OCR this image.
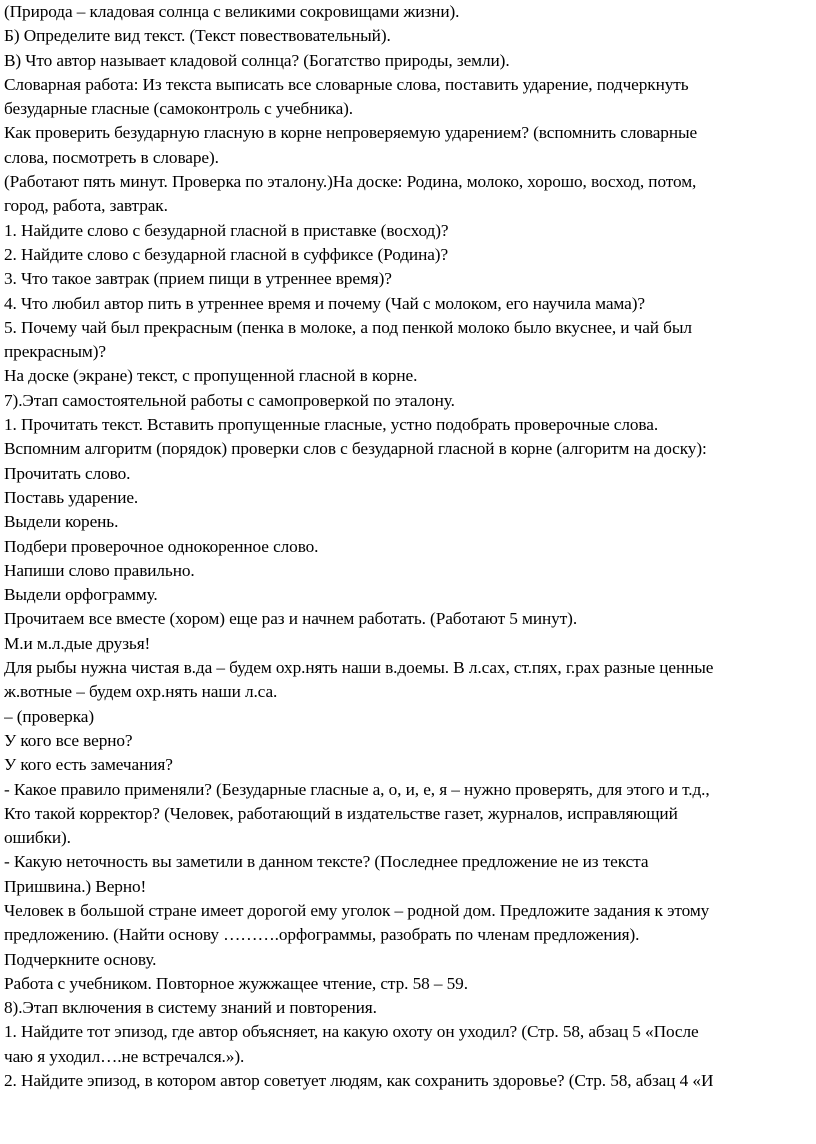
(Природа – кладовая солнца с великими сокровищами жизни).
Б) Определите вид текст. (Текст повествовательный).
В) Что автор называет кладовой солнца? (Богатство природы, земли).
Словарная работа: Из текста выписать все словарные слова, поставить ударение, подчеркнуть
безударные гласные (самоконтроль с учебника).
Как проверить безударную гласную в корне непроверяемую ударением? (вспомнить словарные
слова, посмотреть в словаре).
(Работают пять минут. Проверка по эталону.)На доске: Родина, молоко, хорошо, восход, потом,
город, работа, завтрак.
1. Найдите слово с безударной гласной в приставке (восход)?
2. Найдите слово с безударной гласной в суффиксе (Родина)?
3. Что такое завтрак (прием пищи в утреннее время)?
4. Что любил автор пить в утреннее время и почему (Чай с молоком, его научила мама)?
5. Почему чай был прекрасным (пенка в молоке, а под пенкой молоко было вкуснее, и чай был
прекрасным)?
На доске (экране) текст, с пропущенной гласной в корне.
7).Этап самостоятельной работы с самопроверкой по эталону.
1. Прочитать текст. Вставить пропущенные гласные, устно подобрать проверочные слова.
Вспомним алгоритм (порядок) проверки слов с безударной гласной в корне (алгоритм на доску):
Прочитать слово.
Поставь ударение.
Выдели корень.
Подбери проверочное однокоренное слово.
Напиши слово правильно.
Выдели орфограмму.
Прочитаем все вместе (хором) еще раз и начнем работать. (Работают 5 минут).
М.и м.л.дые друзья!
Для рыбы нужна чистая в.да – будем охр.нять наши в.доемы. В л.сах, ст.пях, г.рах разные ценные
ж.вотные – будем охр.нять наши л.са.
– (проверка)
У кого все верно?
У кого есть замечания?
- Какое правило применяли? (Безударные гласные а, о, и, е, я – нужно проверять, для этого и т.д.,
Кто такой корректор? (Человек, работающий в издательстве газет, журналов, исправляющий
ошибки).
- Какую неточность вы заметили в данном тексте? (Последнее предложение не из текста
Пришвина.) Верно!
Человек в большой стране имеет дорогой ему уголок – родной дом. Предложите задания к этому
предложению. (Найти основу ……….орфограммы, разобрать по членам предложения).
Подчеркните основу.
Работа с учебником. Повторное жужжащее чтение, стр. 58 – 59.
8).Этап включения в систему знаний и повторения.
1. Найдите тот эпизод, где автор объясняет, на какую охоту он уходил? (Стр. 58, абзац 5 «После
чаю я уходил….не встречался.»).
2. Найдите эпизод, в котором автор советует людям, как сохранить здоровье? (Стр. 58, абзац 4 «И
